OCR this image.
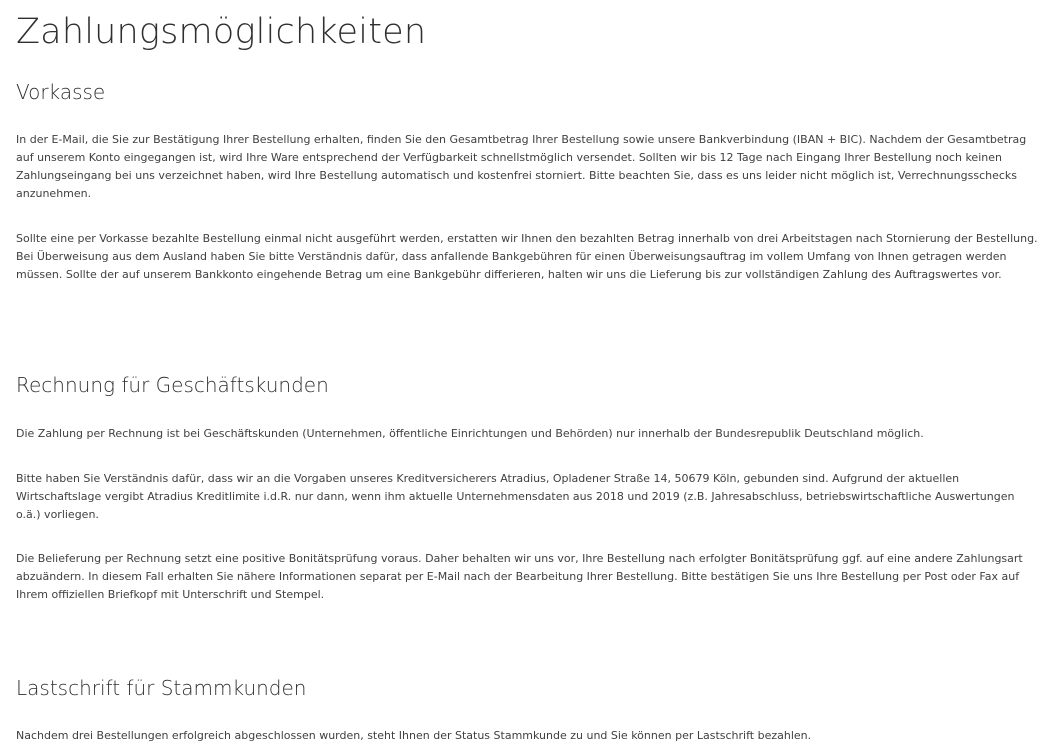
Zahlungsmöglichkeiten
Vorkasse

In der E-Mail, die Sie zur Bestätigung Ihrer Bestellung erhalten, finden Sie den Gesamtbetrag Ihrer Bestellung sowie unsere Bankverbindung (IBAN + BIC). Nachdem der Gesamtbetrag auf unserem Konto eingegangen ist, wird Ihre Ware entsprechend der Verfügbarkeit schnellstmöglich versendet. Sollten wir bis 12 Tage nach Eingang Ihrer Bestellung noch keinen Zahlungseingang bei uns verzeichnet haben, wird Ihre Bestellung automatisch und kostenfrei storniert. Bitte beachten Sie, dass es uns leider nicht möglich ist, Verrechnungsschecks anzunehmen.

Sollte eine per Vorkasse bezahlte Bestellung einmal nicht ausgeführt werden, erstatten wir Ihnen den bezahlten Betrag innerhalb von drei Arbeitstagen nach Stornierung der Bestellung. Bei Überweisung aus dem Ausland haben Sie bitte Verständnis dafür, dass anfallende Bankgebühren für einen Überweisungsauftrag im vollem Umfang von Ihnen getragen werden müssen. Sollte der auf unserem Bankkonto eingehende Betrag um eine Bankgebühr differieren, halten wir uns die Lieferung bis zur vollständigen Zahlung des Auftragswertes vor.

Rechnung für Geschäftskunden

Die Zahlung per Rechnung ist bei Geschäftskunden (Unternehmen, öffentliche Einrichtungen und Behörden) nur innerhalb der Bundesrepublik Deutschland möglich.

Bitte haben Sie Verständnis dafür, dass wir an die Vorgaben unseres Kreditversicherers Atradius, Opladener Straße 14, 50679 Köln, gebunden sind. Aufgrund der aktuellen Wirtschaftslage vergibt Atradius Kreditlimite i.d.R. nur dann, wenn ihm aktuelle Unternehmensdaten aus 2018 und 2019 (z.B. Jahresabschluss, betriebswirtschaftliche Auswertungen o.ä.) vorliegen.

Die Belieferung per Rechnung setzt eine positive Bonitätsprüfung voraus. Daher behalten wir uns vor, Ihre Bestellung nach erfolgter Bonitätsprüfung ggf. auf eine andere Zahlungsart abzuändern. In diesem Fall erhalten Sie nähere Informationen separat per E-Mail nach der Bearbeitung Ihrer Bestellung. Bitte bestätigen Sie uns Ihre Bestellung per Post oder Fax auf Ihrem offiziellen Briefkopf mit Unterschrift und Stempel.

Lastschrift für Stammkunden

Nachdem drei Bestellungen erfolgreich abgeschlossen wurden, steht Ihnen der Status Stammkunde zu und Sie können per Lastschrift bezahlen.
